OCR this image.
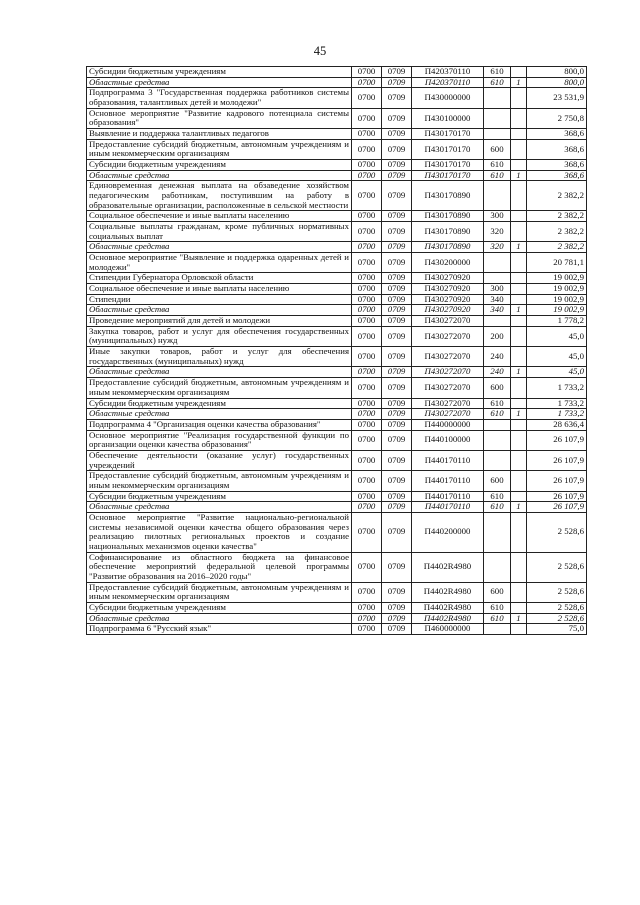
45
Субсидии бюджетным учреждениям	0700	0709	П420370110	610		800,0
Областные средства	0700	0709	П420370110	610	1	800,0
Подпрограмма 3 "Государственная поддержка работников системы образования, талантливых детей и молодежи"	0700	0709	П430000000			23 531,9
Основное мероприятие "Развитие кадрового потенциала системы образования"	0700	0709	П430100000			2 750,8
Выявление и поддержка талантливых педагогов	0700	0709	П430170170			368,6
Предоставление субсидий бюджетным, автономным учреждениям и иным некоммерческим организациям	0700	0709	П430170170	600		368,6
Субсидии бюджетным учреждениям	0700	0709	П430170170	610		368,6
Областные средства	0700	0709	П430170170	610	1	368,6
Единовременная денежная выплата на обзаведение хозяйством педагогическим работникам, поступившим на работу в образовательные организации, расположенные в сельской местности	0700	0709	П430170890			2 382,2
Социальное обеспечение и иные выплаты населению	0700	0709	П430170890	300		2 382,2
Социальные выплаты гражданам, кроме публичных нормативных социальных выплат	0700	0709	П430170890	320		2 382,2
Областные средства	0700	0709	П430170890	320	1	2 382,2
Основное мероприятие "Выявление и поддержка одаренных детей и молодежи"	0700	0709	П430200000			20 781,1
Стипендии Губернатора Орловской области	0700	0709	П430270920			19 002,9
Социальное обеспечение и иные выплаты населению	0700	0709	П430270920	300		19 002,9
Стипендии	0700	0709	П430270920	340		19 002,9
Областные средства	0700	0709	П430270920	340	1	19 002,9
Проведение мероприятий для детей и молодежи	0700	0709	П430272070			1 778,2
Закупка товаров, работ и услуг для обеспечения государственных (муниципальных) нужд	0700	0709	П430272070	200		45,0
Иные закупки товаров, работ и услуг для обеспечения государственных (муниципальных) нужд	0700	0709	П430272070	240		45,0
Областные средства	0700	0709	П430272070	240	1	45,0
Предоставление субсидий бюджетным, автономным учреждениям и иным некоммерческим организациям	0700	0709	П430272070	600		1 733,2
Субсидии бюджетным учреждениям	0700	0709	П430272070	610		1 733,2
Областные средства	0700	0709	П430272070	610	1	1 733,2
Подпрограмма 4 "Организация оценки качества образования"	0700	0709	П440000000			28 636,4
Основное мероприятие "Реализация государственной функции по организации оценки качества образования"	0700	0709	П440100000			26 107,9
Обеспечение деятельности (оказание услуг) государственных учреждений	0700	0709	П440170110			26 107,9
Предоставление субсидий бюджетным, автономным учреждениям и иным некоммерческим организациям	0700	0709	П440170110	600		26 107,9
Субсидии бюджетным учреждениям	0700	0709	П440170110	610		26 107,9
Областные средства	0700	0709	П440170110	610	1	26 107,9
Основное мероприятие "Развитие национально-региональной системы независимой оценки качества общего образования через реализацию пилотных региональных проектов и создание национальных механизмов оценки качества"	0700	0709	П440200000			2 528,6
Софинансирование из областного бюджета на финансовое обеспечение мероприятий федеральной целевой программы "Развитие образования на 2016–2020 годы"	0700	0709	П4402R4980			2 528,6
Предоставление субсидий бюджетным, автономным учреждениям и иным некоммерческим организациям	0700	0709	П4402R4980	600		2 528,6
Субсидии бюджетным учреждениям	0700	0709	П4402R4980	610		2 528,6
Областные средства	0700	0709	П4402R4980	610	1	2 528,6
Подпрограмма 6 "Русский язык"	0700	0709	П460000000			75,0
